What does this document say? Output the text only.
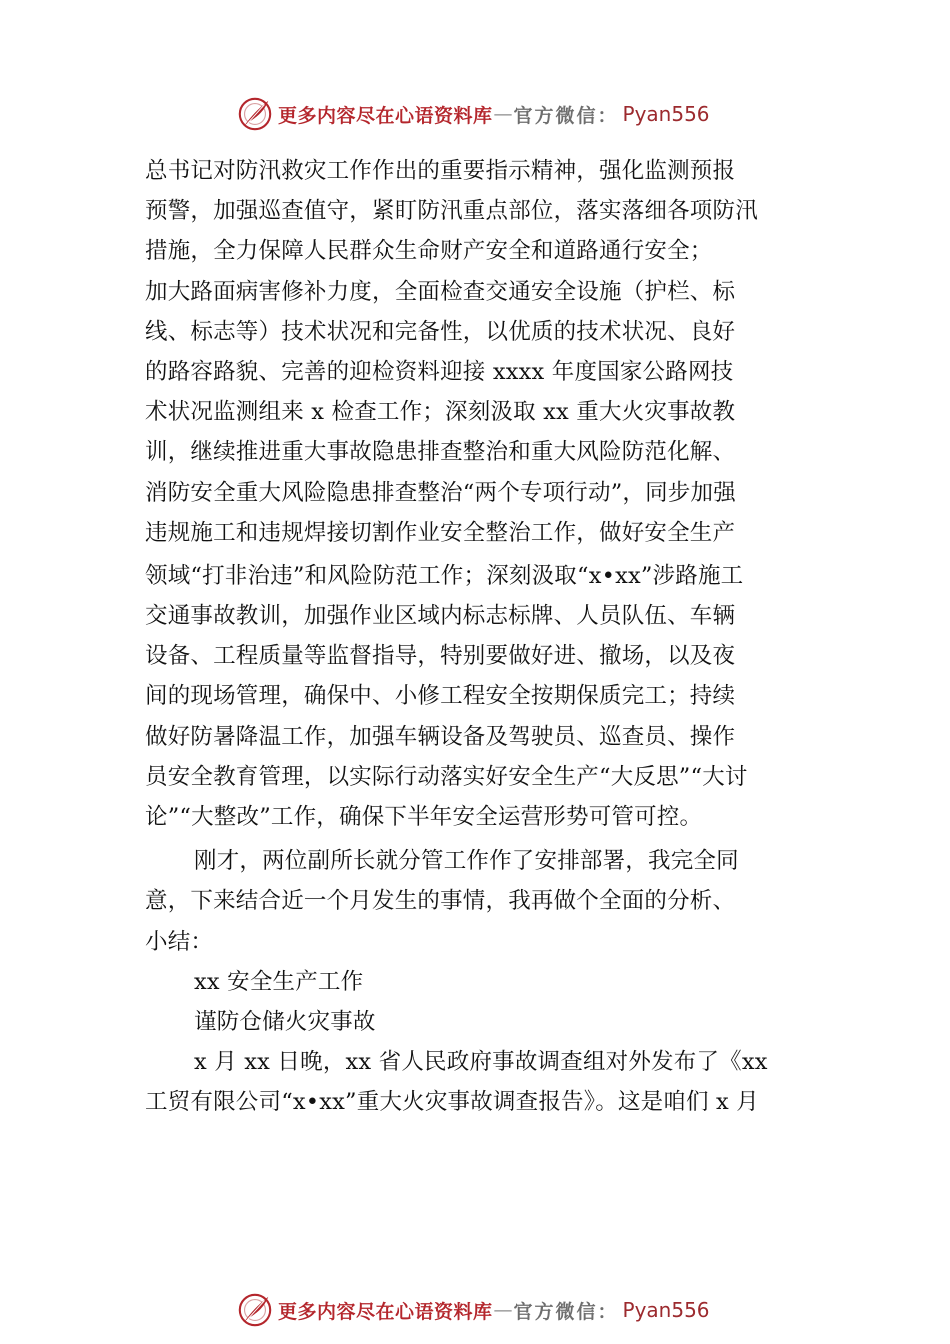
更多内容尽在心语资料库 — 官方微信： Pyan556
总书记对防汛救灾工作作出的重要指示精神，强化监测预报
预警，加强巡查值守，紧盯防汛重点部位，落实落细各项防汛
措施，全力保障人民群众生命财产安全和道路通行安全；
加大路面病害修补力度，全面检查交通安全设施（护栏、标
线、标志等）技术状况和完备性，以优质的技术状况、良好
的路容路貌、完善的迎检资料迎接 xxxx 年度国家公路网技
术状况监测组来 x 检查工作；深刻汲取 xx 重大火灾事故教
训，继续推进重大事故隐患排查整治和重大风险防范化解、
消防安全重大风险隐患排查整治“两个专项行动”，同步加强
违规施工和违规焊接切割作业安全整治工作，做好安全生产
领域“打非治违”和风险防范工作；深刻汲取“x•xx”涉路施工
交通事故教训，加强作业区域内标志标牌、人员队伍、车辆
设备、工程质量等监督指导，特别要做好进、撤场，以及夜
间的现场管理，确保中、小修工程安全按期保质完工；持续
做好防暑降温工作，加强车辆设备及驾驶员、巡查员、操作
员安全教育管理，以实际行动落实好安全生产“大反思”“大讨
论”“大整改”工作，确保下半年安全运营形势可管可控。
刚才，两位副所长就分管工作作了安排部署，我完全同
意，下来结合近一个月发生的事情，我再做个全面的分析、
小结：
xx 安全生产工作
谨防仓储火灾事故
x 月 xx 日晚，xx 省人民政府事故调查组对外发布了《xx
工贸有限公司“x•xx”重大火灾事故调查报告》。这是咱们 x 月
更多内容尽在心语资料库 — 官方微信： Pyan556
